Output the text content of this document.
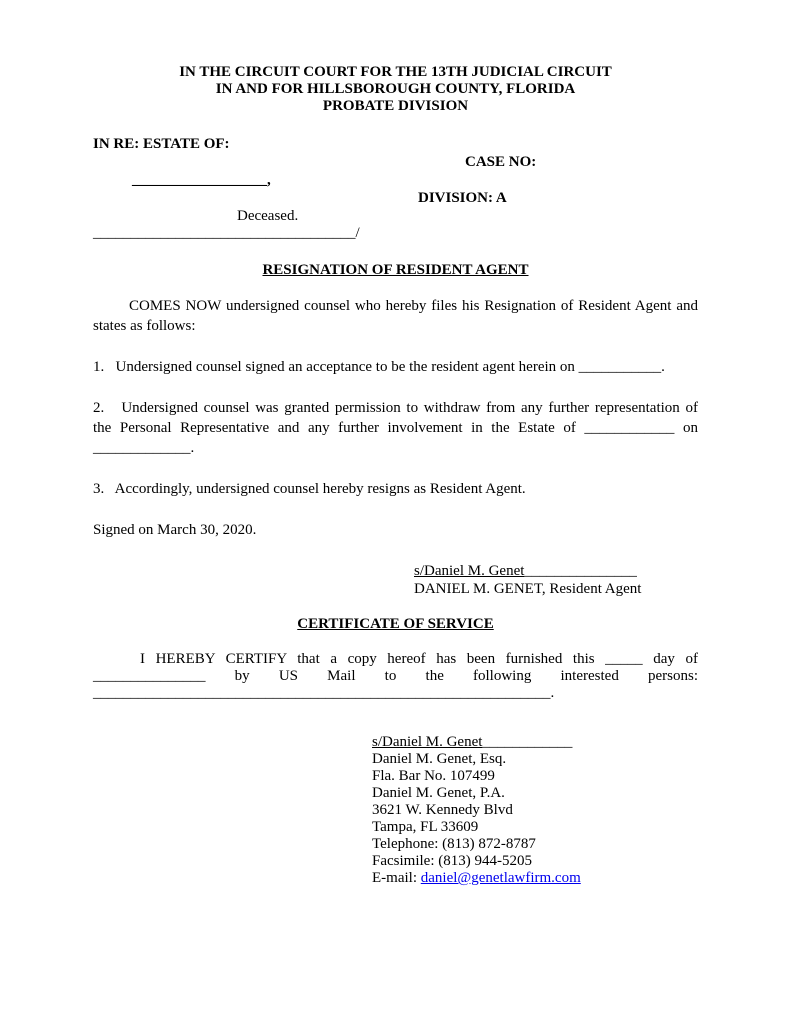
IN THE CIRCUIT COURT FOR THE 13TH JUDICIAL CIRCUIT
IN AND FOR HILLSBOROUGH COUNTY, FLORIDA
PROBATE DIVISION
IN RE: ESTATE OF:
CASE NO:
__________________,
DIVISION: A
Deceased.
___________________________________/
RESIGNATION OF RESIDENT AGENT
COMES NOW undersigned counsel who hereby files his Resignation of Resident Agent and
states as follows:
1.   Undersigned counsel signed an acceptance to be the resident agent herein on ___________.
2.   Undersigned counsel was granted permission to withdraw from any further representation of
the Personal Representative and any further involvement in the Estate of ____________ on
_____________.
3.   Accordingly, undersigned counsel hereby resigns as Resident Agent.
Signed on March 30, 2020.
s/Daniel M. Genet_______________
DANIEL M. GENET, Resident Agent
CERTIFICATE OF SERVICE
I HEREBY CERTIFY that a copy hereof has been furnished this _____ day of
_______________ by US Mail to the following interested persons:
_____________________________________________________________.
s/Daniel M. Genet____________
Daniel M. Genet, Esq.
Fla. Bar No. 107499
Daniel M. Genet, P.A.
3621 W. Kennedy Blvd
Tampa, FL 33609
Telephone: (813) 872-8787
Facsimile: (813) 944-5205
E-mail: daniel@genetlawfirm.com
